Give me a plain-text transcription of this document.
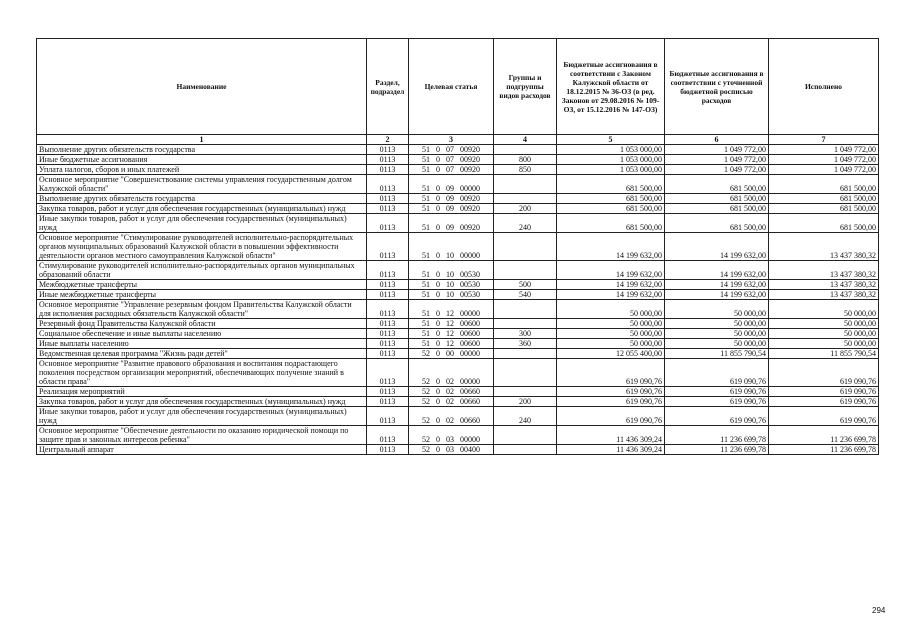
Наименование	Раздел, подраздел	Целевая статья	Группы и подгруппы видов расходов	Бюджетные ассигнования в соответствии с Законом Калужской области от 18.12.2015 № 36-ОЗ (в ред. Законов от 29.08.2016 № 109-ОЗ, от 15.12.2016 № 147-ОЗ)	Бюджетные ассигнования в соответствии с уточненной бюджетной росписью расходов	Исполнено
1	2	3	4	5	6	7
Выполнение других обязательств государства	0113	51 0 07 00920		1 053 000,00	1 049 772,00	1 049 772,00
Иные бюджетные ассигнования	0113	51 0 07 00920	800	1 053 000,00	1 049 772,00	1 049 772,00
Уплата налогов, сборов и иных платежей	0113	51 0 07 00920	850	1 053 000,00	1 049 772,00	1 049 772,00
Основное мероприятие "Совершенствование системы управления государственным долгом Калужской области"	0113	51 0 09 00000		681 500,00	681 500,00	681 500,00
Выполнение других обязательств государства	0113	51 0 09 00920		681 500,00	681 500,00	681 500,00
Закупка товаров, работ и услуг для обеспечения государственных (муниципальных) нужд	0113	51 0 09 00920	200	681 500,00	681 500,00	681 500,00
Иные закупки товаров, работ и услуг для обеспечения государственных (муниципальных) нужд	0113	51 0 09 00920	240	681 500,00	681 500,00	681 500,00
Основное мероприятие "Стимулирование руководителей исполнительно-распорядительных органов муниципальных образований Калужской области в повышении эффективности деятельности органов местного самоуправления Калужской области"	0113	51 0 10 00000		14 199 632,00	14 199 632,00	13 437 380,32
Стимулирование руководителей исполнительно-распорядительных органов муниципальных образований области	0113	51 0 10 00530		14 199 632,00	14 199 632,00	13 437 380,32
Межбюджетные трансферты	0113	51 0 10 00530	500	14 199 632,00	14 199 632,00	13 437 380,32
Иные межбюджетные трансферты	0113	51 0 10 00530	540	14 199 632,00	14 199 632,00	13 437 380,32
Основное мероприятие "Управление резервным фондом Правительства Калужской области для исполнения расходных обязательств Калужской области"	0113	51 0 12 00000		50 000,00	50 000,00	50 000,00
Резервный фонд Правительства Калужской области	0113	51 0 12 00600		50 000,00	50 000,00	50 000,00
Социальное обеспечение и иные выплаты населению	0113	51 0 12 00600	300	50 000,00	50 000,00	50 000,00
Иные выплаты населению	0113	51 0 12 00600	360	50 000,00	50 000,00	50 000,00
Ведомственная целевая программа "Жизнь ради детей"	0113	52 0 00 00000		12 055 400,00	11 855 790,54	11 855 790,54
Основное мероприятие "Развитие правового образования и воспитания подрастающего поколения посредством организации мероприятий, обеспечивающих получение знаний в области права"	0113	52 0 02 00000		619 090,76	619 090,76	619 090,76
Реализация мероприятий	0113	52 0 02 00660		619 090,76	619 090,76	619 090,76
Закупка товаров, работ и услуг для обеспечения государственных (муниципальных) нужд	0113	52 0 02 00660	200	619 090,76	619 090,76	619 090,76
Иные закупки товаров, работ и услуг для обеспечения государственных (муниципальных) нужд	0113	52 0 02 00660	240	619 090,76	619 090,76	619 090,76
Основное мероприятие "Обеспечение деятельности по оказанию юридической помощи по защите прав и законных интересов ребенка"	0113	52 0 03 00000		11 436 309,24	11 236 699,78	11 236 699,78
Центральный аппарат	0113	52 0 03 00400		11 436 309,24	11 236 699,78	11 236 699,78
294
